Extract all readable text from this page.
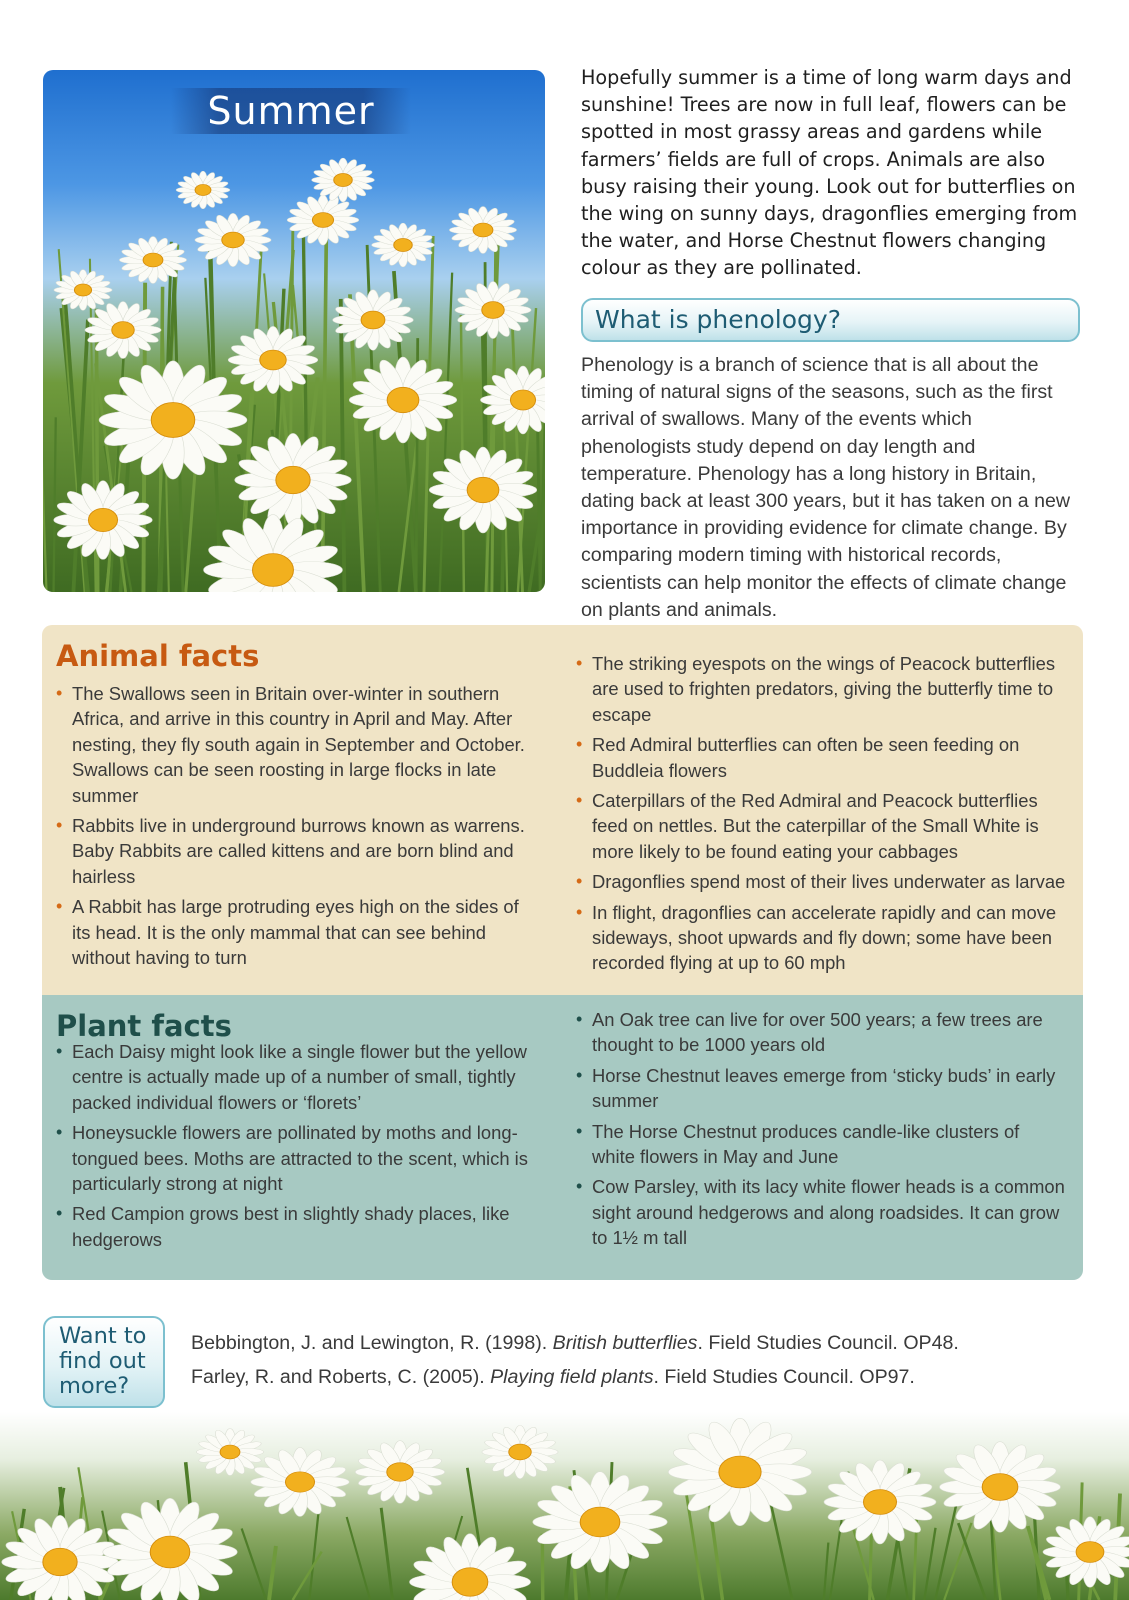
Summer
Hopefully summer is a time of long warm days and sunshine! Trees are now in full leaf, flowers can be spotted in most grassy areas and gardens while farmers’ fields are full of crops. Animals are also busy raising their young. Look out for butterflies on the wing on sunny days, dragonflies emerging from the water, and Horse Chestnut flowers changing colour as they are pollinated.
What is phenology?
Phenology is a branch of science that is all about the timing of natural signs of the seasons, such as the first arrival of swallows. Many of the events which phenologists study depend on day length and temperature. Phenology has a long history in Britain, dating back at least 300 years, but it has taken on a new importance in providing evidence for climate change. By comparing modern timing with historical records, scientists can help monitor the effects of climate change on plants and animals.
Animal facts
• The Swallows seen in Britain over-winter in southern Africa, and arrive in this country in April and May. After nesting, they fly south again in September and October. Swallows can be seen roosting in large flocks in late summer
• Rabbits live in underground burrows known as warrens. Baby Rabbits are called kittens and are born blind and hairless
• A Rabbit has large protruding eyes high on the sides of its head. It is the only mammal that can see behind without having to turn
• The striking eyespots on the wings of Peacock butterflies are used to frighten predators, giving the butterfly time to escape
• Red Admiral butterflies can often be seen feeding on Buddleia flowers
• Caterpillars of the Red Admiral and Peacock butterflies feed on nettles. But the caterpillar of the Small White is more likely to be found eating your cabbages
• Dragonflies spend most of their lives underwater as larvae
• In flight, dragonflies can accelerate rapidly and can move sideways, shoot upwards and fly down; some have been recorded flying at up to 60 mph
Plant facts
• Each Daisy might look like a single flower but the yellow centre is actually made up of a number of small, tightly packed individual flowers or ‘florets’
• Honeysuckle flowers are pollinated by moths and long-tongued bees. Moths are attracted to the scent, which is particularly strong at night
• Red Campion grows best in slightly shady places, like hedgerows
• An Oak tree can live for over 500 years; a few trees are thought to be 1000 years old
• Horse Chestnut leaves emerge from ‘sticky buds’ in early summer
• The Horse Chestnut produces candle-like clusters of white flowers in May and June
• Cow Parsley, with its lacy white flower heads is a common sight around hedgerows and along roadsides. It can grow to 1½ m tall
Want to
find out
more?
Bebbington, J. and Lewington, R. (1998). British butterflies. Field Studies Council. OP48.
Farley, R. and Roberts, C. (2005). Playing field plants. Field Studies Council. OP97.
